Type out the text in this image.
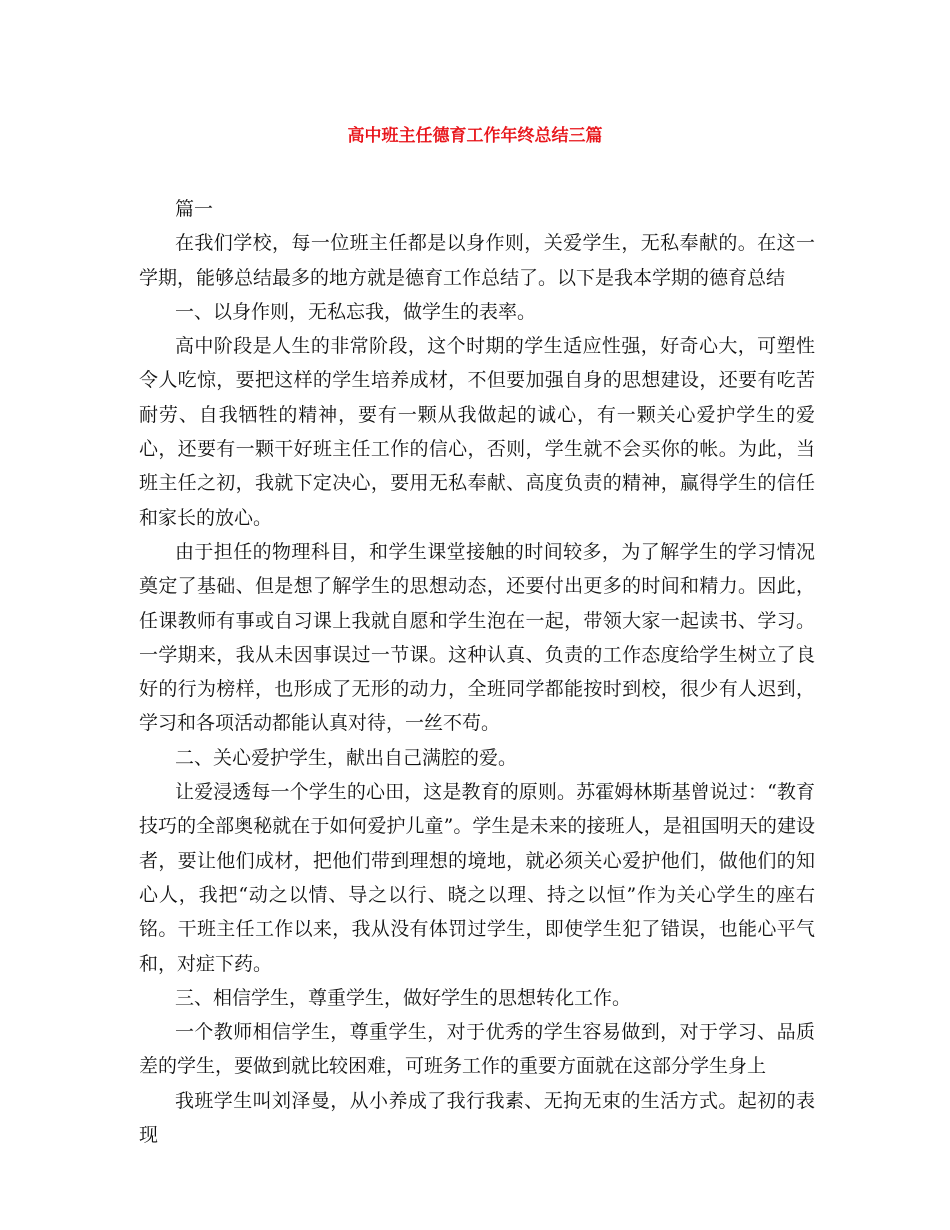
高中班主任德育工作年终总结三篇

篇一

在我们学校，每一位班主任都是以身作则，关爱学生，无私奉献的。在这一学期，能够总结最多的地方就是德育工作总结了。以下是我本学期的德育总结

一、以身作则，无私忘我，做学生的表率。

高中阶段是人生的非常阶段，这个时期的学生适应性强，好奇心大，可塑性令人吃惊，要把这样的学生培养成材，不但要加强自身的思想建设，还要有吃苦耐劳、自我牺牲的精神，要有一颗从我做起的诚心，有一颗关心爱护学生的爱心，还要有一颗干好班主任工作的信心，否则，学生就不会买你的帐。为此，当班主任之初，我就下定决心，要用无私奉献、高度负责的精神，赢得学生的信任和家长的放心。

由于担任的物理科目，和学生课堂接触的时间较多，为了解学生的学习情况奠定了基础、但是想了解学生的思想动态，还要付出更多的时间和精力。因此，任课教师有事或自习课上我就自愿和学生泡在一起，带领大家一起读书、学习。一学期来，我从未因事误过一节课。这种认真、负责的工作态度给学生树立了良好的行为榜样，也形成了无形的动力，全班同学都能按时到校，很少有人迟到，学习和各项活动都能认真对待，一丝不苟。

二、关心爱护学生，献出自己满腔的爱。

让爱浸透每一个学生的心田，这是教育的原则。苏霍姆林斯基曾说过：“教育技巧的全部奥秘就在于如何爱护儿童”。学生是未来的接班人，是祖国明天的建设者，要让他们成材，把他们带到理想的境地，就必须关心爱护他们，做他们的知心人，我把“动之以情、导之以行、晓之以理、持之以恒”作为关心学生的座右铭。干班主任工作以来，我从没有体罚过学生，即使学生犯了错误，也能心平气和，对症下药。

三、相信学生，尊重学生，做好学生的思想转化工作。

一个教师相信学生，尊重学生，对于优秀的学生容易做到，对于学习、品质差的学生，要做到就比较困难，可班务工作的重要方面就在这部分学生身上

我班学生叫刘泽曼，从小养成了我行我素、无拘无束的生活方式。起初的表现
